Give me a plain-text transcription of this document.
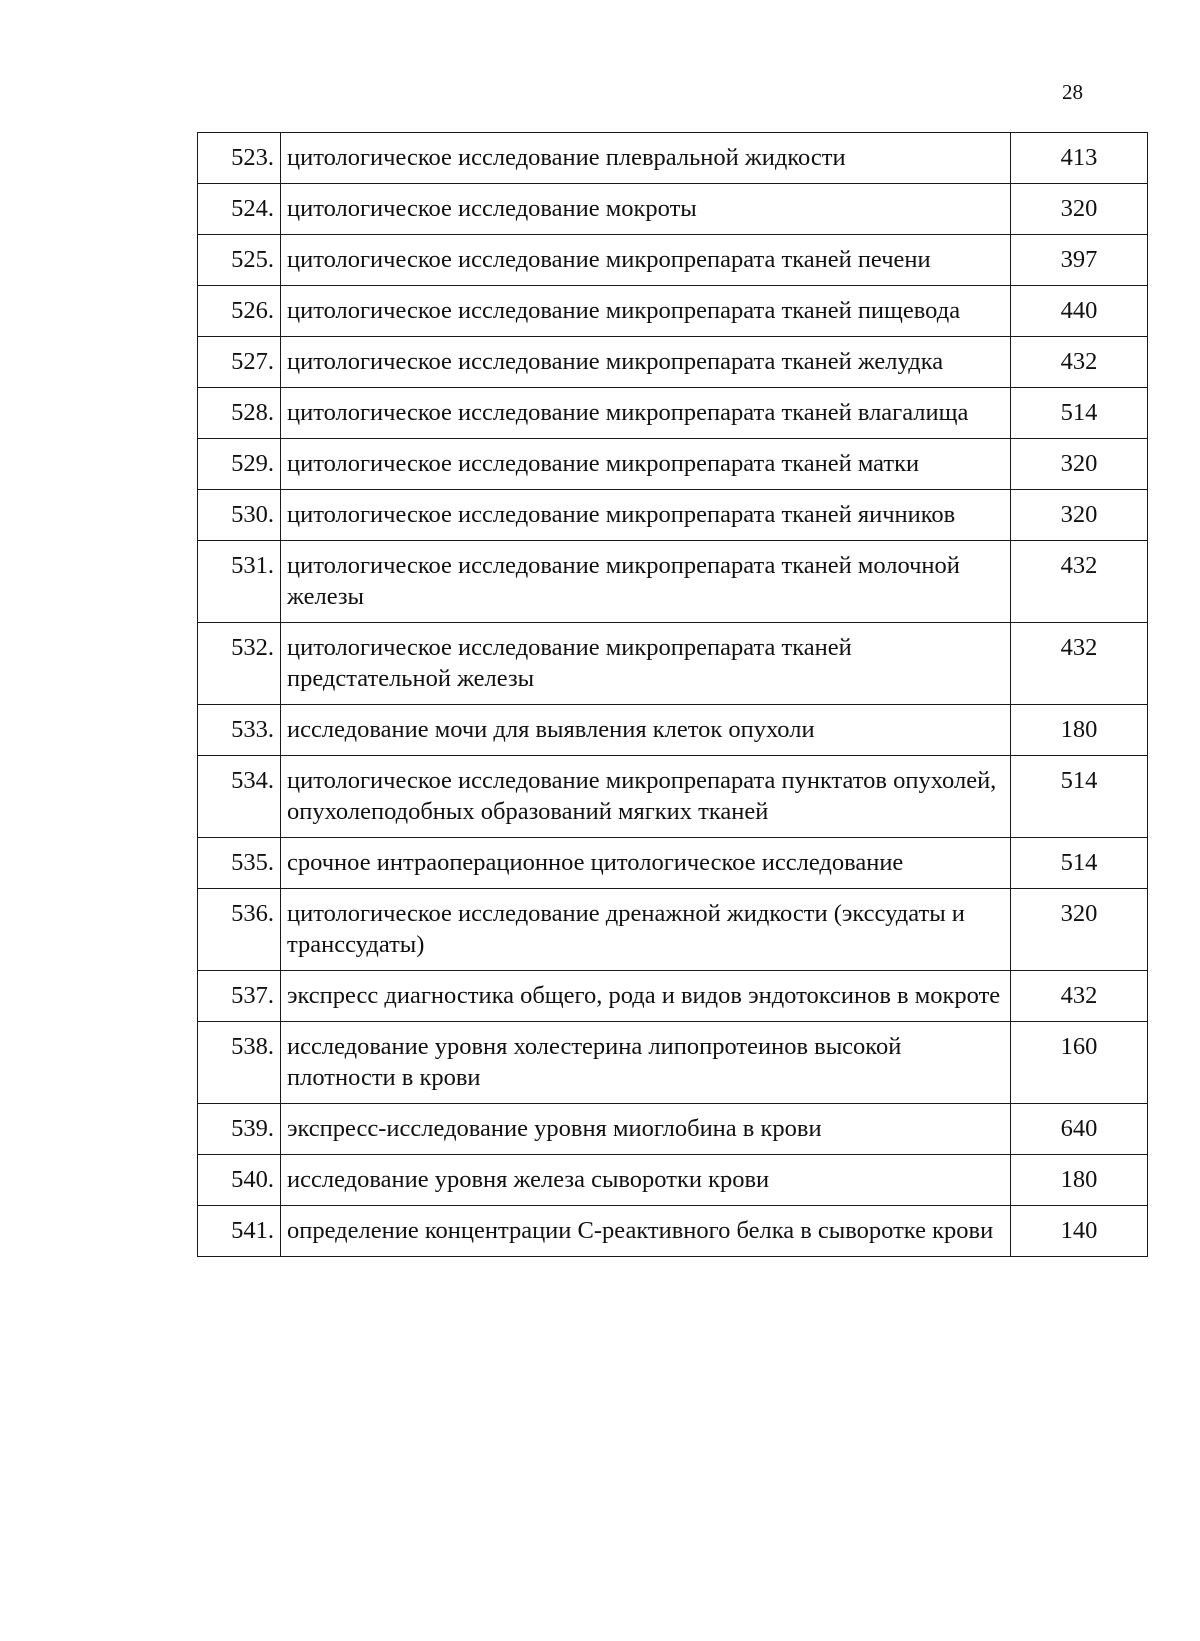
28
523.	цитологическое исследование плевральной жидкости	413
524.	цитологическое исследование мокроты	320
525.	цитологическое исследование микропрепарата тканей печени	397
526.	цитологическое исследование микропрепарата тканей пищевода	440
527.	цитологическое исследование микропрепарата тканей желудка	432
528.	цитологическое исследование микропрепарата тканей влагалища	514
529.	цитологическое исследование микропрепарата тканей матки	320
530.	цитологическое исследование микропрепарата тканей яичников	320
531.	цитологическое исследование микропрепарата тканей молочной железы	432
532.	цитологическое исследование микропрепарата тканей предстательной железы	432
533.	исследование мочи для выявления клеток опухоли	180
534.	цитологическое исследование микропрепарата пунктатов опухолей, опухолеподобных образований мягких тканей	514
535.	срочное интраоперационное цитологическое исследование	514
536.	цитологическое исследование дренажной жидкости (экссудаты и транссудаты)	320
537.	экспресс диагностика общего, рода и видов эндотоксинов в мокроте	432
538.	исследование уровня холестерина липопротеинов высокой плотности в крови	160
539.	экспресс-исследование уровня миоглобина в крови	640
540.	исследование уровня железа сыворотки крови	180
541.	определение концентрации С-реактивного белка в сыворотке крови	140
